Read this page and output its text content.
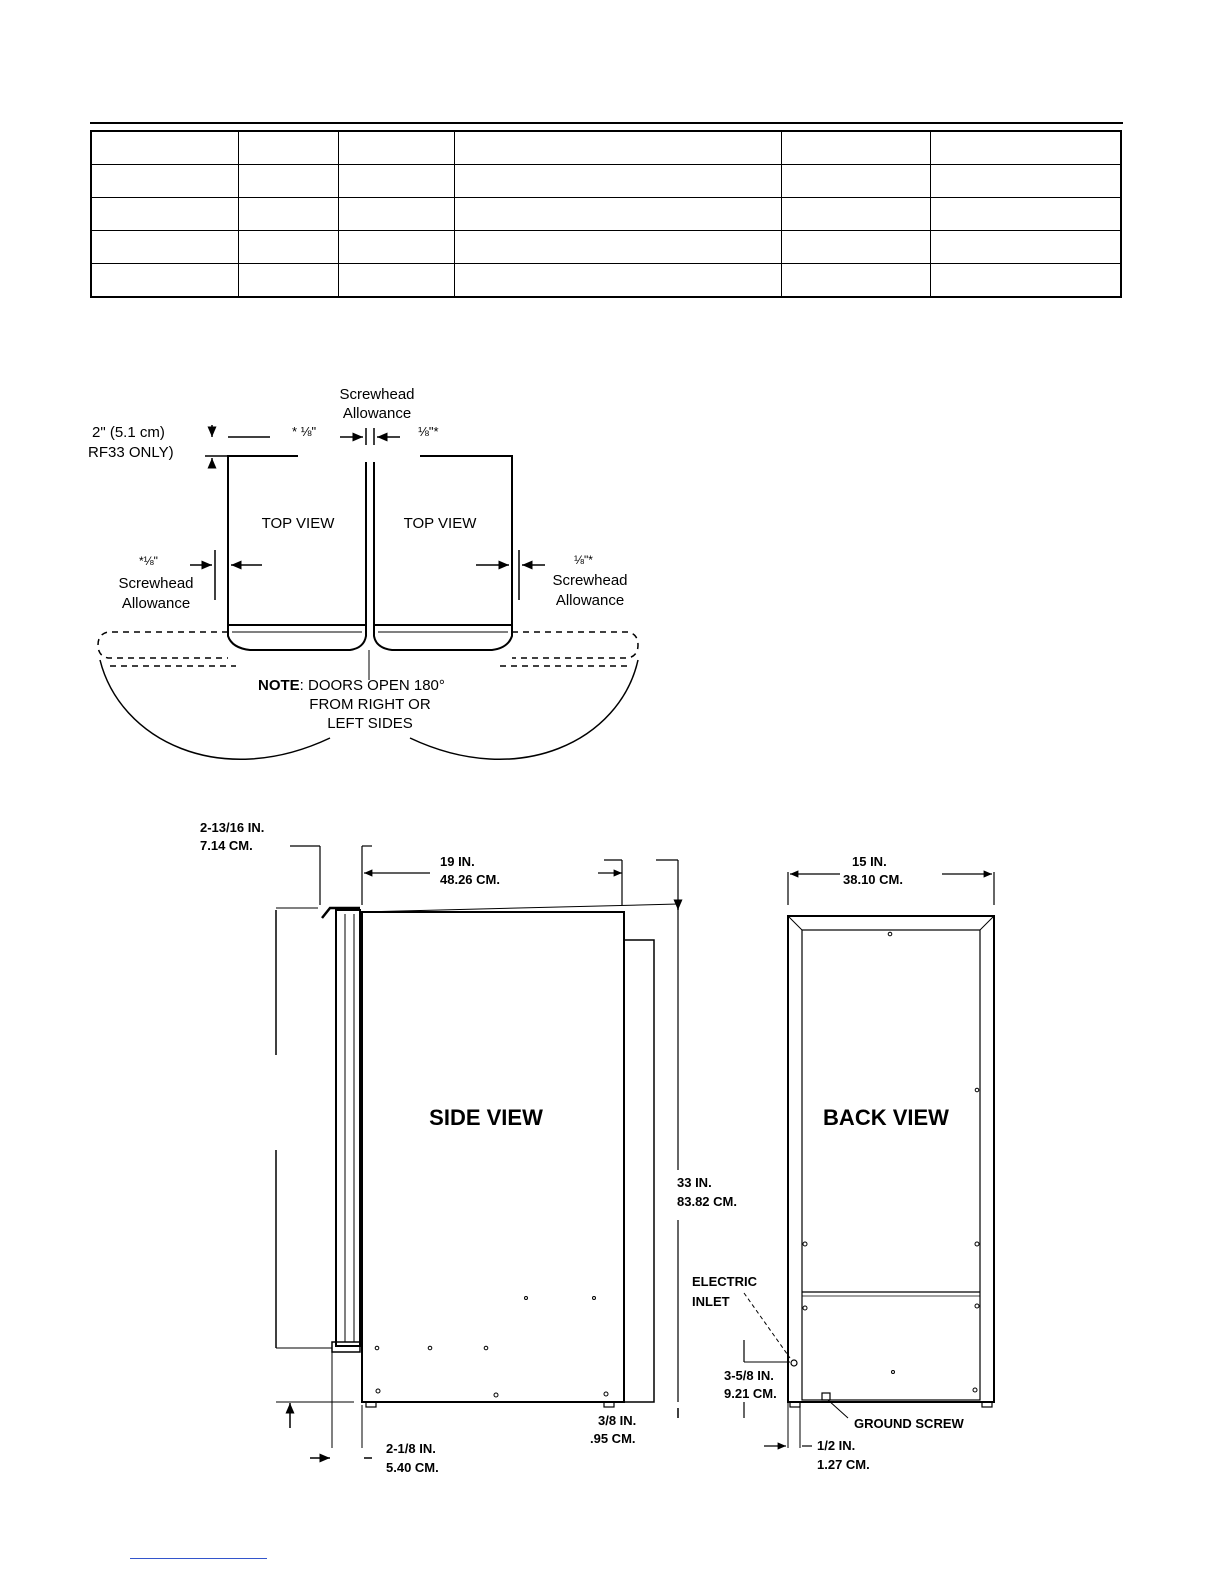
Screwhead
Allowance
* ⅛"	⅛"*
2" (5.1 cm)
RF33 ONLY)
TOP VIEW	TOP VIEW
*⅛"
Screwhead
Allowance
⅛"*
Screwhead
Allowance
NOTE: DOORS OPEN 180°
FROM RIGHT OR
LEFT SIDES
SIDE VIEW
2-13/16 IN.
7.14 CM.
19 IN.
48.26 CM.
33 IN.
83.82 CM.
3/8 IN.
.95 CM.
2-1/8 IN.
5.40 CM.
BACK VIEW
15 IN.
38.10 CM.
ELECTRIC
INLET
3-5/8 IN.
9.21 CM.
GROUND SCREW
1/2 IN.
1.27 CM.
